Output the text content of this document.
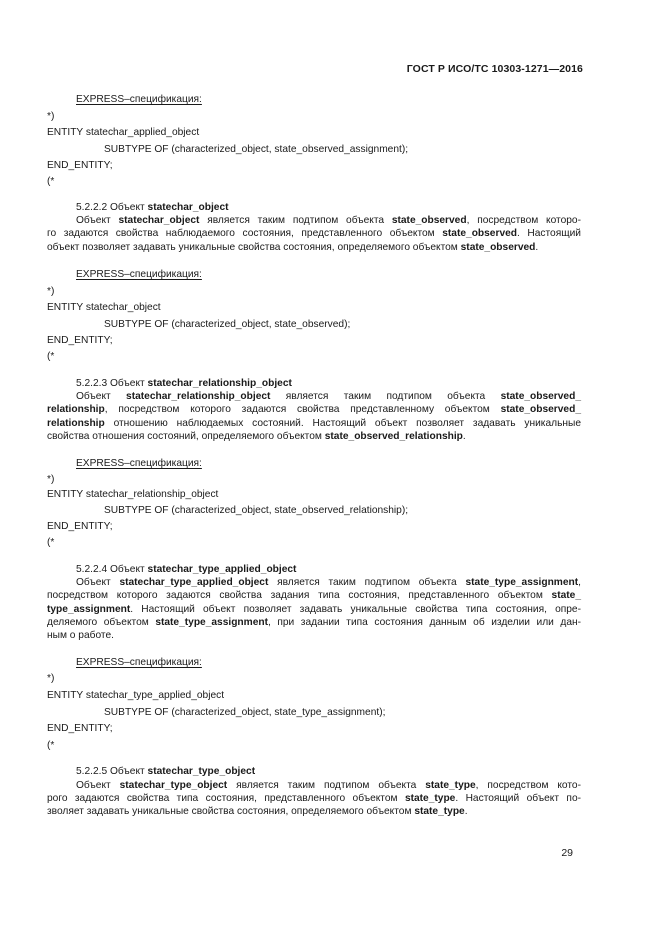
ГОСТ Р ИСО/ТС 10303-1271—2016
EXPRESS–спецификация:
*)
ENTITY statechar_applied_object
SUBTYPE OF (characterized_object, state_observed_assignment);
END_ENTITY;
(*
5.2.2.2 Объект statechar_object
Объект statechar_object является таким подтипом объекта state_observed, посредством которо-
го задаются свойства наблюдаемого состояния, представленного объектом state_observed. Настоящий
объект позволяет задавать уникальные свойства состояния, определяемого объектом state_observed.
EXPRESS–спецификация:
*)
ENTITY statechar_object
SUBTYPE OF (characterized_object, state_observed);
END_ENTITY;
(*
5.2.2.3 Объект statechar_relationship_object
Объект statechar_relationship_object является таким подтипом объекта state_observed_
relationship, посредством которого задаются свойства представленному объектом state_observed_
relationship отношению наблюдаемых состояний. Настоящий объект позволяет задавать уникальные
свойства отношения состояний, определяемого объектом state_observed_relationship.
EXPRESS–спецификация:
*)
ENTITY statechar_relationship_object
SUBTYPE OF (characterized_object, state_observed_relationship);
END_ENTITY;
(*
5.2.2.4 Объект statechar_type_applied_object
Объект statechar_type_applied_object является таким подтипом объекта state_type_assignment,
посредством которого задаются свойства задания типа состояния, представленного объектом state_
type_assignment. Настоящий объект позволяет задавать уникальные свойства типа состояния, опре-
деляемого объектом state_type_assignment, при задании типа состояния данным об изделии или дан-
ным о работе.
EXPRESS–спецификация:
*)
ENTITY statechar_type_applied_object
SUBTYPE OF (characterized_object, state_type_assignment);
END_ENTITY;
(*
5.2.2.5 Объект statechar_type_object
Объект statechar_type_object является таким подтипом объекта state_type, посредством кото-
рого задаются свойства типа состояния, представленного объектом state_type. Настоящий объект по-
зволяет задавать уникальные свойства состояния, определяемого объектом state_type.
29
